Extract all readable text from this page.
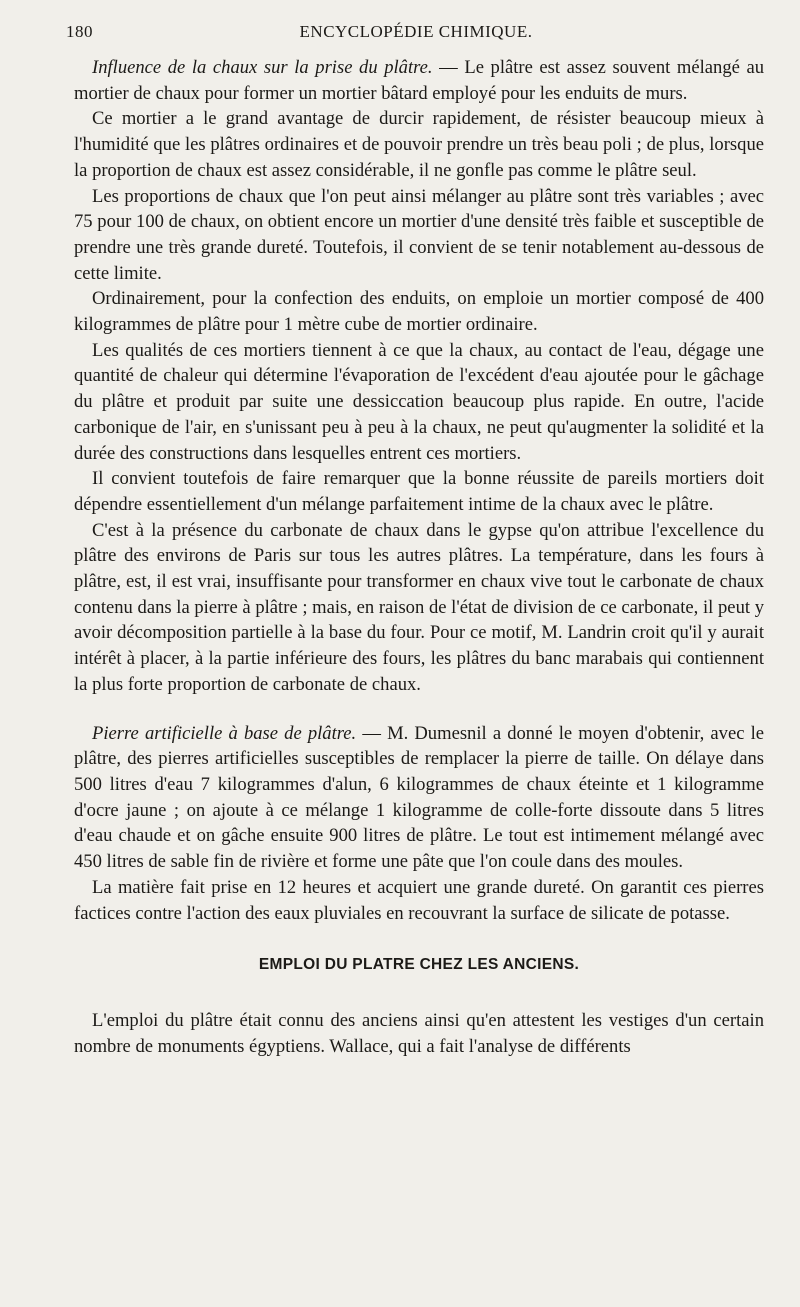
ENCYCLOPÉDIE CHIMIQUE.
180

Influence de la chaux sur la prise du plâtre. — Le plâtre est assez souvent mélangé au mortier de chaux pour former un mortier bâtard employé pour les enduits de murs.

Ce mortier a le grand avantage de durcir rapidement, de résister beaucoup mieux à l'humidité que les plâtres ordinaires et de pouvoir prendre un très beau poli ; de plus, lorsque la proportion de chaux est assez considérable, il ne gonfle pas comme le plâtre seul.

Les proportions de chaux que l'on peut ainsi mélanger au plâtre sont très variables ; avec 75 pour 100 de chaux, on obtient encore un mortier d'une densité très faible et susceptible de prendre une très grande dureté. Toutefois, il convient de se tenir notablement au-dessous de cette limite.

Ordinairement, pour la confection des enduits, on emploie un mortier composé de 400 kilogrammes de plâtre pour 1 mètre cube de mortier ordinaire.

Les qualités de ces mortiers tiennent à ce que la chaux, au contact de l'eau, dégage une quantité de chaleur qui détermine l'évaporation de l'excédent d'eau ajoutée pour le gâchage du plâtre et produit par suite une dessiccation beaucoup plus rapide. En outre, l'acide carbonique de l'air, en s'unissant peu à peu à la chaux, ne peut qu'augmenter la solidité et la durée des constructions dans lesquelles entrent ces mortiers.

Il convient toutefois de faire remarquer que la bonne réussite de pareils mortiers doit dépendre essentiellement d'un mélange parfaitement intime de la chaux avec le plâtre.

C'est à la présence du carbonate de chaux dans le gypse qu'on attribue l'excellence du plâtre des environs de Paris sur tous les autres plâtres. La température, dans les fours à plâtre, est, il est vrai, insuffisante pour transformer en chaux vive tout le carbonate de chaux contenu dans la pierre à plâtre ; mais, en raison de l'état de division de ce carbonate, il peut y avoir décomposition partielle à la base du four. Pour ce motif, M. Landrin croit qu'il y aurait intérêt à placer, à la partie inférieure des fours, les plâtres du banc marabais qui contiennent la plus forte proportion de carbonate de chaux.

Pierre artificielle à base de plâtre. — M. Dumesnil a donné le moyen d'obtenir, avec le plâtre, des pierres artificielles susceptibles de remplacer la pierre de taille. On délaye dans 500 litres d'eau 7 kilogrammes d'alun, 6 kilogrammes de chaux éteinte et 1 kilogramme d'ocre jaune ; on ajoute à ce mélange 1 kilogramme de colle-forte dissoute dans 5 litres d'eau chaude et on gâche ensuite 900 litres de plâtre. Le tout est intimement mélangé avec 450 litres de sable fin de rivière et forme une pâte que l'on coule dans des moules.

La matière fait prise en 12 heures et acquiert une grande dureté. On garantit ces pierres factices contre l'action des eaux pluviales en recouvrant la surface de silicate de potasse.

EMPLOI DU PLATRE CHEZ LES ANCIENS.

L'emploi du plâtre était connu des anciens ainsi qu'en attestent les vestiges d'un certain nombre de monuments égyptiens. Wallace, qui a fait l'analyse de différents
